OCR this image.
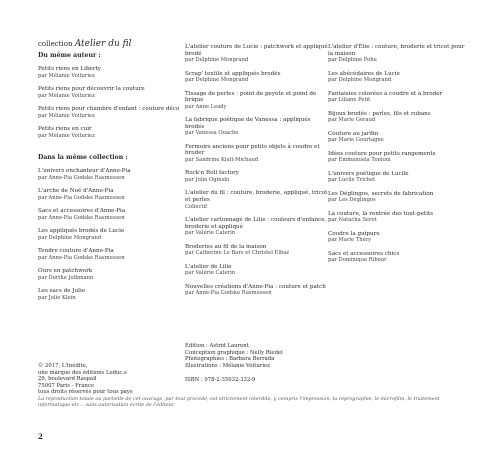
collection Atelier du fil
Du même auteur :
Petits riens en Liberty
par Mélanie Voituriez
Petits riens pour découvrir la couture
par Mélanie Voituriez
Petits riens pour chambre d'enfant : couture déco
par Mélanie Voituriez
Petits riens en cuir
par Mélanie Voituriez
Dans la même collection :
L'univers enchanteur d'Anne-Pia
par Anne-Pia Godske Rasmussen
L'arche de Noé d'Anne-Pia
par Anne-Pia Godske Rasmussen
Sacs et accessoires d'Anne-Pia
par Anne-Pia Godske Rasmussen
Les appliqués brodés de Lucie
par Delphine Mongrand
Tendre couture d'Anne-Pia
par Anne-Pia Godske Rasmussen
Ours en patchwork
par Dorthe Jolbmann
Les sacs de Julie
par Julie Klein
L'atelier couture de Lucie : patchwork et appliqué brodé
par Delphine Mongrand
Scrap' textile et appliqués brodés
par Delphine Mongrand
Tissage de perles : point de peyote et point de brique
par Anne Leady
La fabrique poétique de Vanessa : appliqués brodés
par Vanessa Ouache
Fermoirs anciens pour petits objets à coudre et broder
par Sandrine Kielt-Michaud
Rock'n Roll factory
par Julie Oginski
L'atelier du fil : couture, broderie, appliqué, tricot et perles
Collectif
L'atelier cartonnage de Lilie : couleurs d'enfance, broderie et appliqué
par Valérie Caterin
Broderies au fil de la maison
par Catherine Le Bars et Christel Elbaz
L'atelier de Lilie
par Valérie Caterin
Nouvelles créations d'Anne-Pia : couture et patch
par Anne-Pia Godske Rasmussen
L'atelier d'Élie : couture, broderie et tricot pour la maison
par Delphine Pohu
Les abécédaires de Lucie
par Delphine Mongrand
Fantaisies colorées à coudre et à broder
par Liliane Petit
Bijoux brodés : perles, fils et rubans
par Marie Géraud
Couture au jardin
par Marie Gourtagne
Idées couture pour petits rangements
par Emmanuela Tonioni
L'univers poétique de Lucile
par Lucile Trichet
Les Déglingos, secrets de fabrication
par Les Déglingos
La couture, la rentrée des tout-petits
par Natacha Serot
Coudre la guipure
par Marie Théry
Sacs et accessoires chics
par Dominique Ribour
© 2017, L'Inédite,
une marque des éditions Leduc.s
29, boulevard Raspail
75007 Paris - France
tous droits réservés pour tous pays
Édition : Astrid Laurent
Conception graphique : Nelly Riedel
Photographies : Barbara Berrada
Illustrations : Mélanie Voituriez
ISBN : 978-2-35032-332-9
La reproduction totale ou partielle de cet ouvrage, par tout procédé, est strictement interdite, y compris l'impression, la reprographie, le microfilm, le traitement informatique etc… sans autorisation écrite de l'éditeur.
2
